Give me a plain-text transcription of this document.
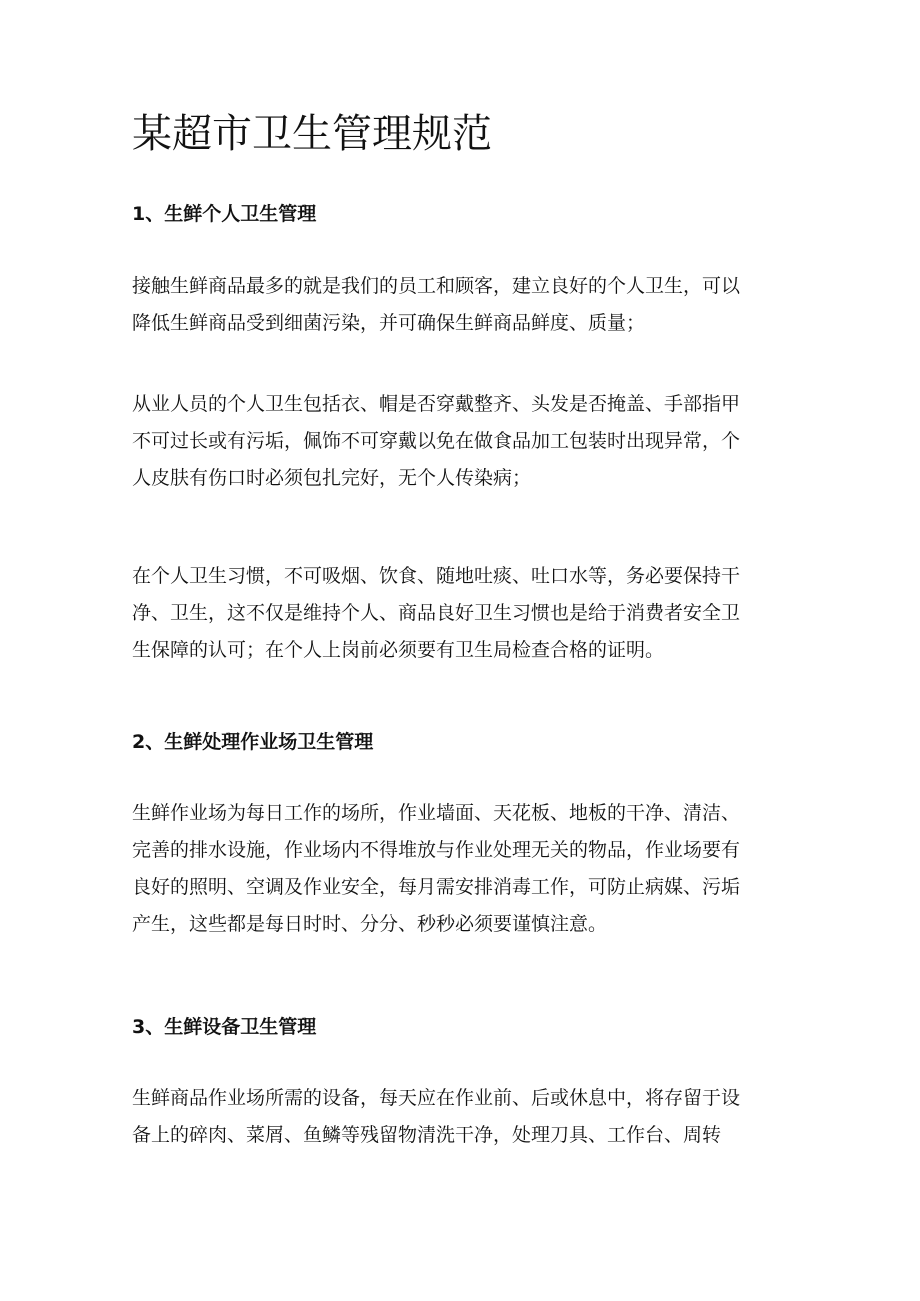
某超市卫生管理规范
1、生鲜个人卫生管理

接触生鲜商品最多的就是我们的员工和顾客，建立良好的个人卫生，可以
降低生鲜商品受到细菌污染，并可确保生鲜商品鲜度、质量；

从业人员的个人卫生包括衣、帽是否穿戴整齐、头发是否掩盖、手部指甲
不可过长或有污垢，佩饰不可穿戴以免在做食品加工包装时出现异常，个
人皮肤有伤口时必须包扎完好，无个人传染病；

在个人卫生习惯，不可吸烟、饮食、随地吐痰、吐口水等，务必要保持干
净、卫生，这不仅是维持个人、商品良好卫生习惯也是给于消费者安全卫
生保障的认可；在个人上岗前必须要有卫生局检查合格的证明。

2、生鲜处理作业场卫生管理

生鲜作业场为每日工作的场所，作业墙面、天花板、地板的干净、清洁、
完善的排水设施，作业场内不得堆放与作业处理无关的物品，作业场要有
良好的照明、空调及作业安全，每月需安排消毒工作，可防止病媒、污垢
产生，这些都是每日时时、分分、秒秒必须要谨慎注意。

3、生鲜设备卫生管理

生鲜商品作业场所需的设备，每天应在作业前、后或休息中，将存留于设
备上的碎肉、菜屑、鱼鳞等残留物清洗干净，处理刀具、工作台、周转
